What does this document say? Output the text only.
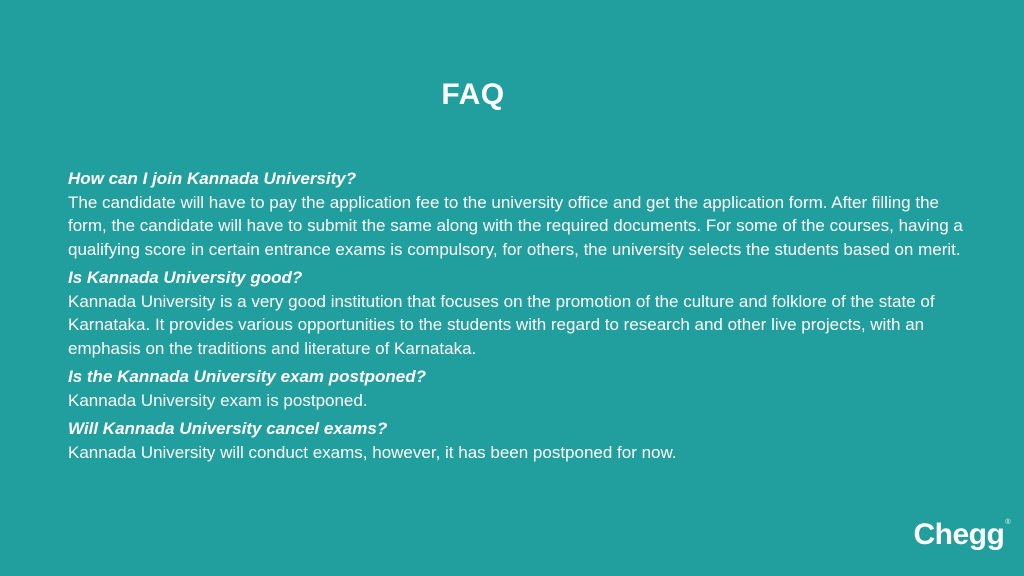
FAQ
How can I join Kannada University?
The candidate will have to pay the application fee to the university office and get the application form. After filling the form, the candidate will have to submit the same along with the required documents. For some of the courses, having a qualifying score in certain entrance exams is compulsory, for others, the university selects the students based on merit.
Is Kannada University good?
Kannada University is a very good institution that focuses on the promotion of the culture and folklore of the state of Karnataka. It provides various opportunities to the students with regard to research and other live projects, with an emphasis on the traditions and literature of Karnataka.
Is the Kannada University exam postponed?
Kannada University exam is postponed.
Will Kannada University cancel exams?
Kannada University will conduct exams, however, it has been postponed for now.
Chegg®
